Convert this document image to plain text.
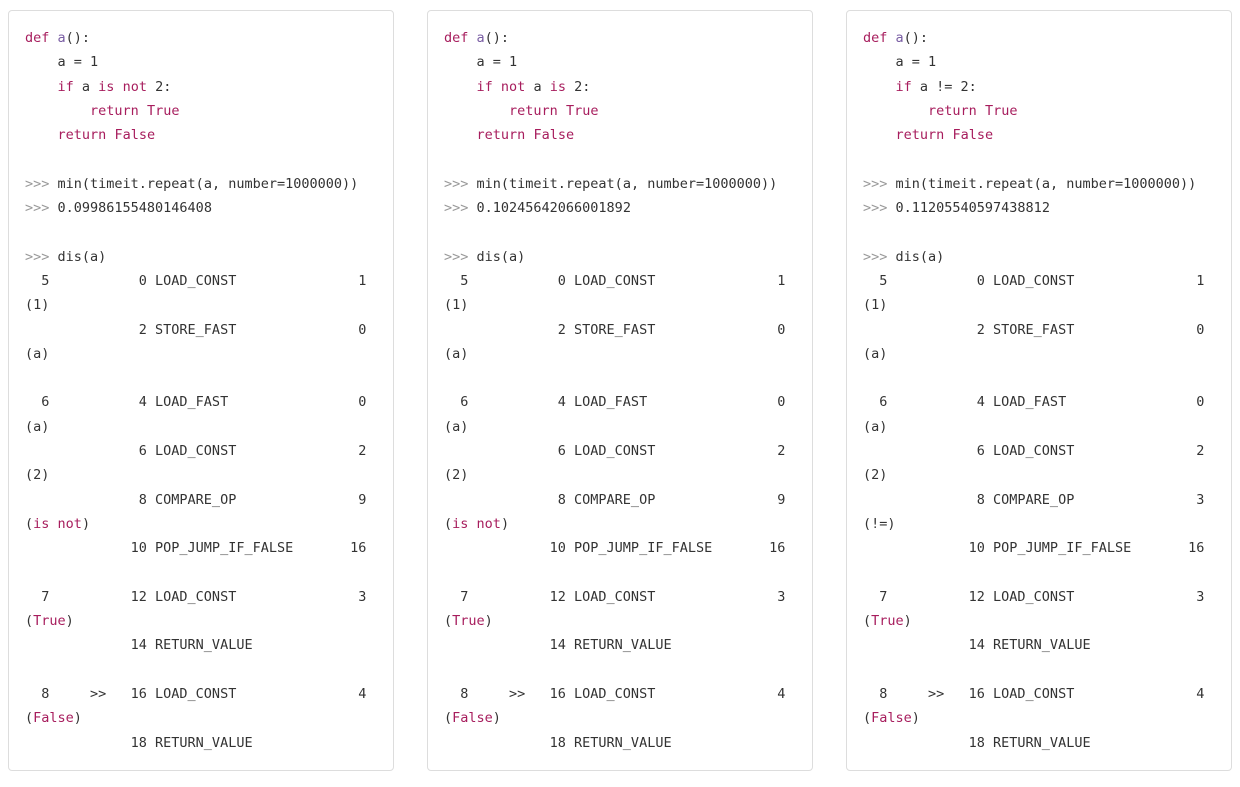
def a():
a = 1
if a is not 2:
return True
return False

>>> min(timeit.repeat(a, number=1000000))
>>> 0.09986155480146408

>>> dis(a)
5           0 LOAD_CONST               1
(1)
2 STORE_FAST               0
(a)

6           4 LOAD_FAST                0
(a)
6 LOAD_CONST               2
(2)
8 COMPARE_OP               9
(is not)
10 POP_JUMP_IF_FALSE       16

7          12 LOAD_CONST               3
(True)
14 RETURN_VALUE

8     >>   16 LOAD_CONST               4
(False)
18 RETURN_VALUE

def a():
a = 1
if not a is 2:
return True
return False

>>> min(timeit.repeat(a, number=1000000))
>>> 0.10245642066001892

>>> dis(a)
5           0 LOAD_CONST               1
(1)
2 STORE_FAST               0
(a)

6           4 LOAD_FAST                0
(a)
6 LOAD_CONST               2
(2)
8 COMPARE_OP               9
(is not)
10 POP_JUMP_IF_FALSE       16

7          12 LOAD_CONST               3
(True)
14 RETURN_VALUE

8     >>   16 LOAD_CONST               4
(False)
18 RETURN_VALUE

def a():
a = 1
if a != 2:
return True
return False

>>> min(timeit.repeat(a, number=1000000))
>>> 0.11205540597438812

>>> dis(a)
5           0 LOAD_CONST               1
(1)
2 STORE_FAST               0
(a)

6           4 LOAD_FAST                0
(a)
6 LOAD_CONST               2
(2)
8 COMPARE_OP               3
(!=)
10 POP_JUMP_IF_FALSE       16

7          12 LOAD_CONST               3
(True)
14 RETURN_VALUE

8     >>   16 LOAD_CONST               4
(False)
18 RETURN_VALUE
